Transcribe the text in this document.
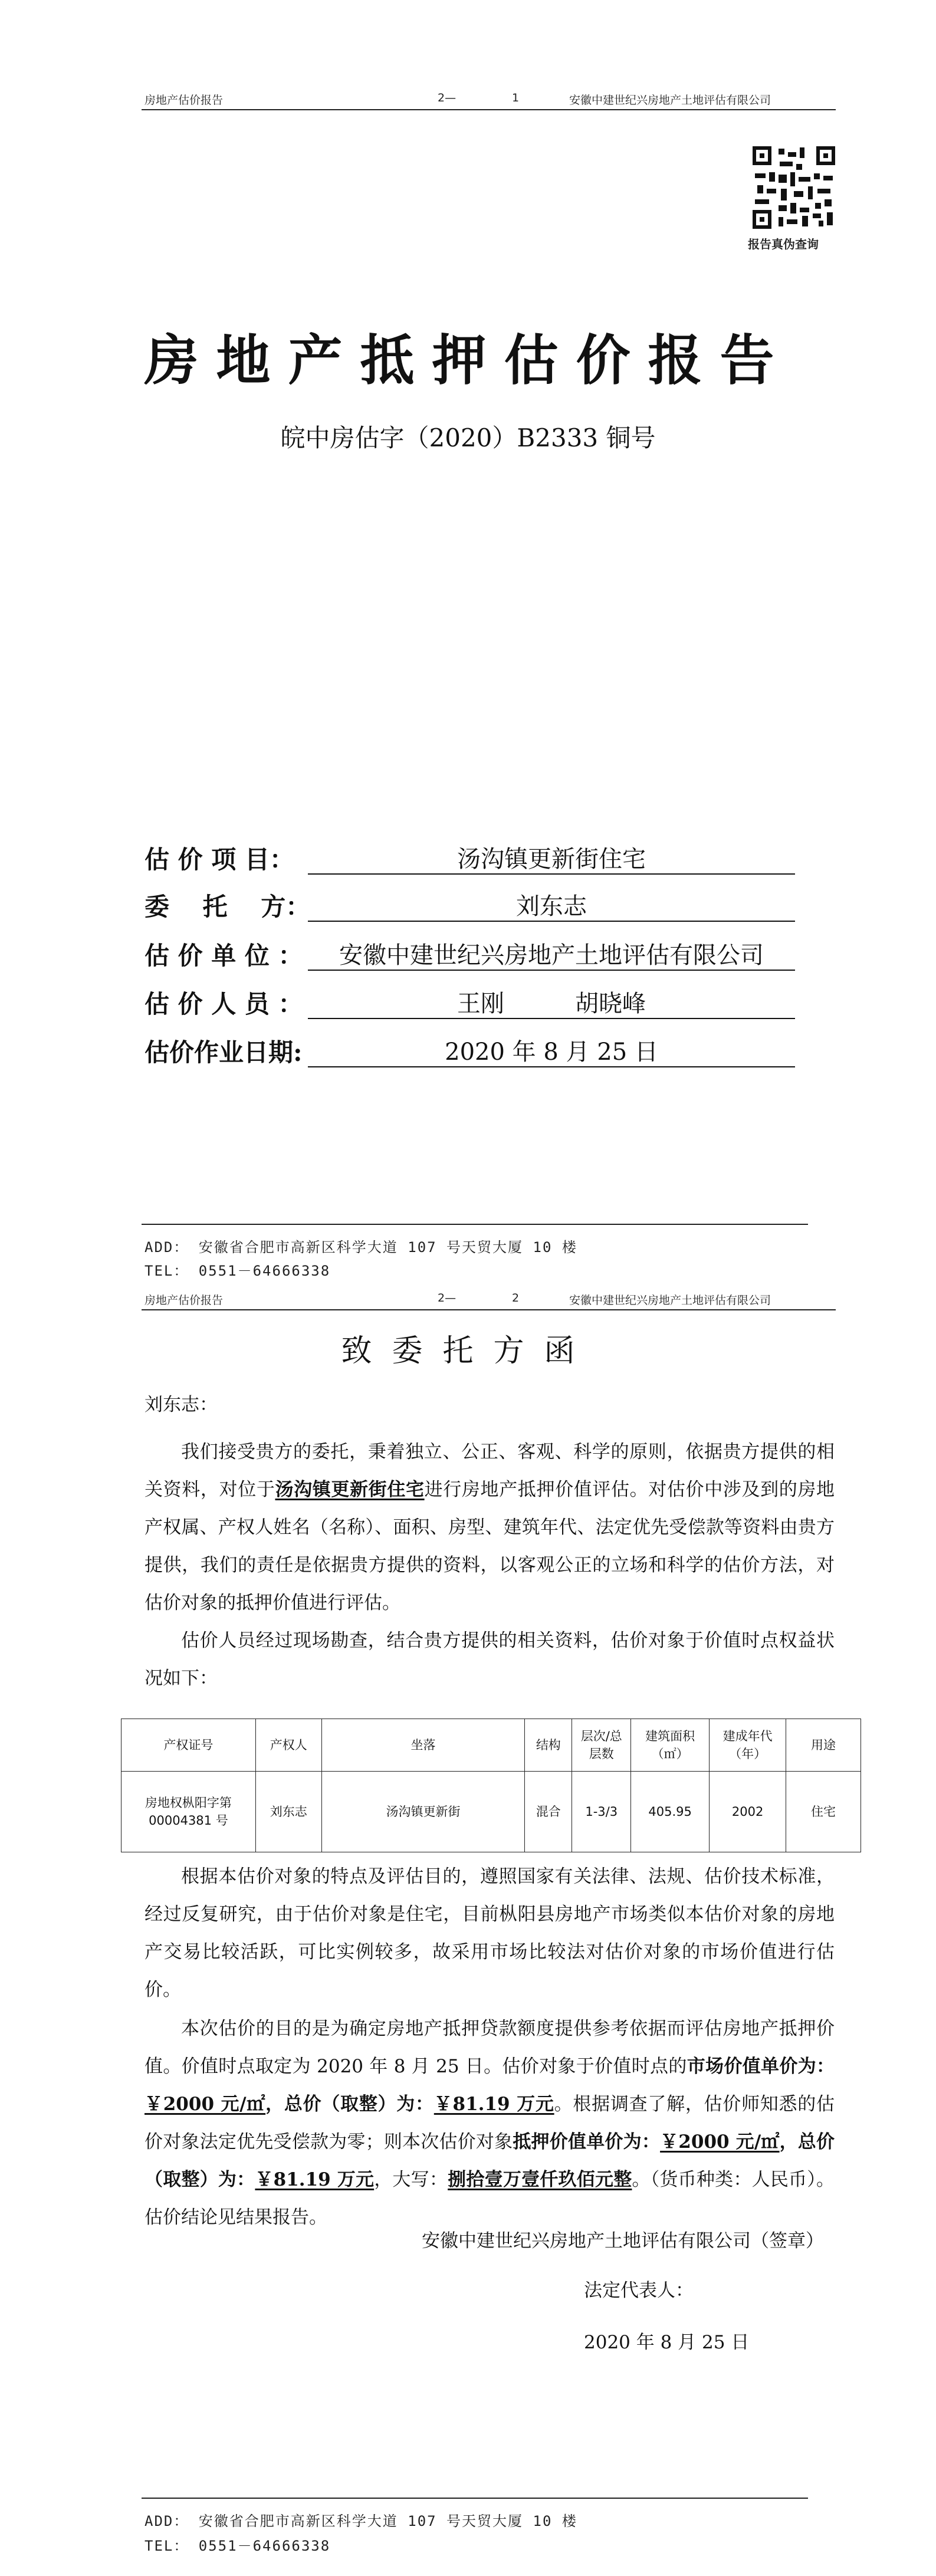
房地产估价报告	2—	1	安徽中建世纪兴房地产土地评估有限公司
报告真伪查询
房地产抵押估价报告
皖中房估字（2020）B2333 铜号
估 价 项 目：	汤沟镇更新街住宅
委　 托　 方：	刘东志
估 价 单 位 ：	安徽中建世纪兴房地产土地评估有限公司
估 价 人 员 ：	王刚　　　胡晓峰
估价作业日期:	2020 年 8 月 25 日
ADD： 安徽省合肥市高新区科学大道 107 号天贸大厦 10 楼
TEL： 0551－64666338
房地产估价报告	2—	2	安徽中建世纪兴房地产土地评估有限公司
致委托方函
刘东志：
我们接受贵方的委托，秉着独立、公正、客观、科学的原则，依据贵方提供的相关资料，对位于汤沟镇更新街住宅进行房地产抵押价值评估。对估价中涉及到的房地产权属、产权人姓名（名称）、面积、房型、建筑年代、法定优先受偿款等资料由贵方提供，我们的责任是依据贵方提供的资料，以客观公正的立场和科学的估价方法，对估价对象的抵押价值进行评估。
估价人员经过现场勘查，结合贵方提供的相关资料，估价对象于价值时点权益状况如下：
产权证号	产权人	坐落	结构	层次/总层数	建筑面积（㎡）	建成年代（年）	用途
房地权枞阳字第00004381 号	刘东志	汤沟镇更新街	混合	1-3/3	405.95	2002	住宅
根据本估价对象的特点及评估目的，遵照国家有关法律、法规、估价技术标准，经过反复研究，由于估价对象是住宅，目前枞阳县房地产市场类似本估价对象的房地产交易比较活跃，可比实例较多，故采用市场比较法对估价对象的市场价值进行估价。
本次估价的目的是为确定房地产抵押贷款额度提供参考依据而评估房地产抵押价值。价值时点取定为 2020 年 8 月 25 日。估价对象于价值时点的市场价值单价为：￥2000 元/㎡，总价（取整）为：￥81.19 万元。根据调查了解，估价师知悉的估价对象法定优先受偿款为零；则本次估价对象抵押价值单价为：￥2000 元/㎡，总价（取整）为：￥81.19 万元，大写：捌拾壹万壹仟玖佰元整。（货币种类：人民币）。估价结论见结果报告。
安徽中建世纪兴房地产土地评估有限公司（签章）
法定代表人：
2020 年 8 月 25 日
ADD： 安徽省合肥市高新区科学大道 107 号天贸大厦 10 楼
TEL： 0551－64666338
